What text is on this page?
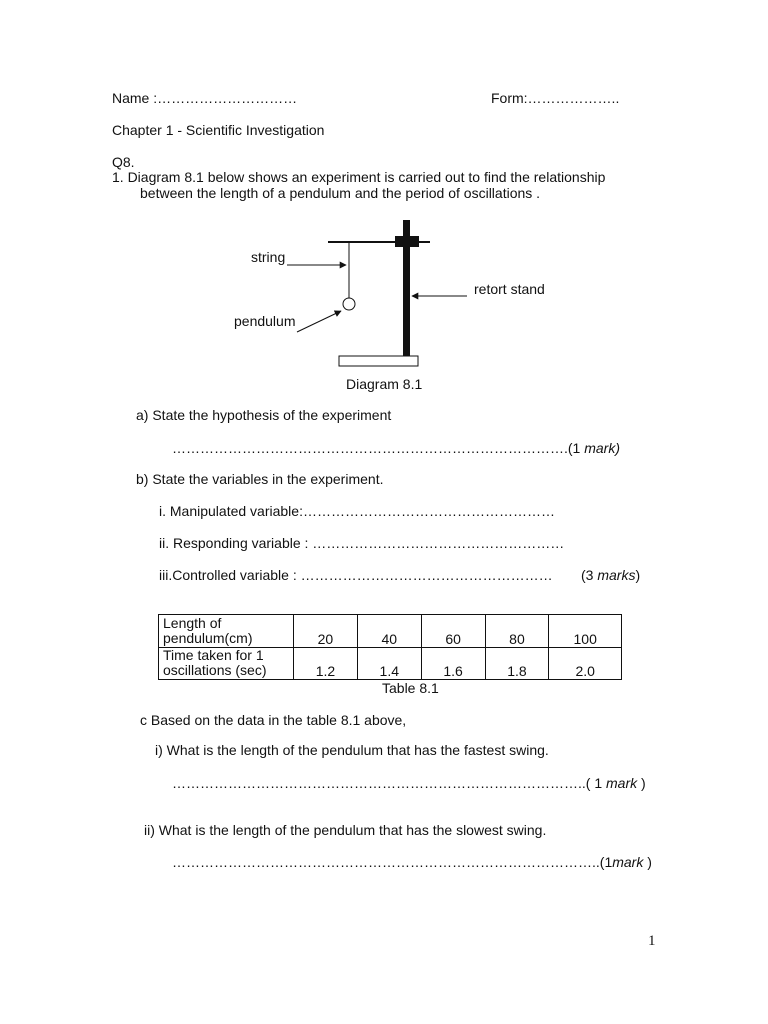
Name :…………………………	Form:………………..
Chapter 1 - Scientific Investigation
Q8.
1. Diagram 8.1 below shows an experiment is carried out to find the relationship
between the length of a pendulum and the period of oscillations .
string
retort stand
pendulum
Diagram 8.1
a) State the hypothesis of the experiment
………………………………………………………………………….(1 mark)
b) State the variables in the experiment.
i. Manipulated variable:………………………………………………
ii. Responding variable : ………………………………………………
iii.Controlled variable : ……………………………………………… (3 marks)
Length of pendulum(cm)	20	40	60	80	100
Time taken for 1 oscillations (sec)	1.2	1.4	1.6	1.8	2.0
Table 8.1
c Based on the data in the table 8.1 above,
i) What is the length of the pendulum that has the fastest swing.
……………………………………………………………………………..( 1 mark )
ii) What is the length of the pendulum that has the slowest swing.
………………………………………………………………………………..(1mark )
1
